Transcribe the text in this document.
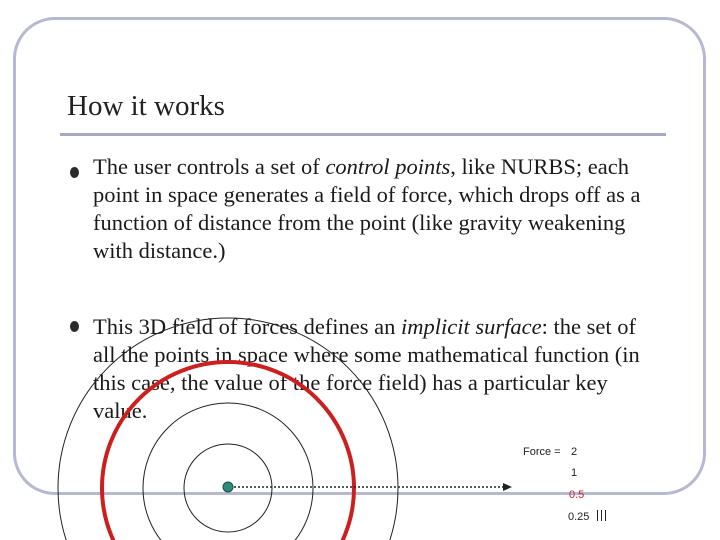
How it works

The user controls a set of control points, like NURBS; each point in space generates a field of force, which drops off as a function of distance from the point (like gravity weakening with distance.)

This 3D field of forces defines an implicit surface: the set of all the points in space where some mathematical function (in this case, the value of the force field) has a particular key value.

Force = 2

1

0.5

0.25
